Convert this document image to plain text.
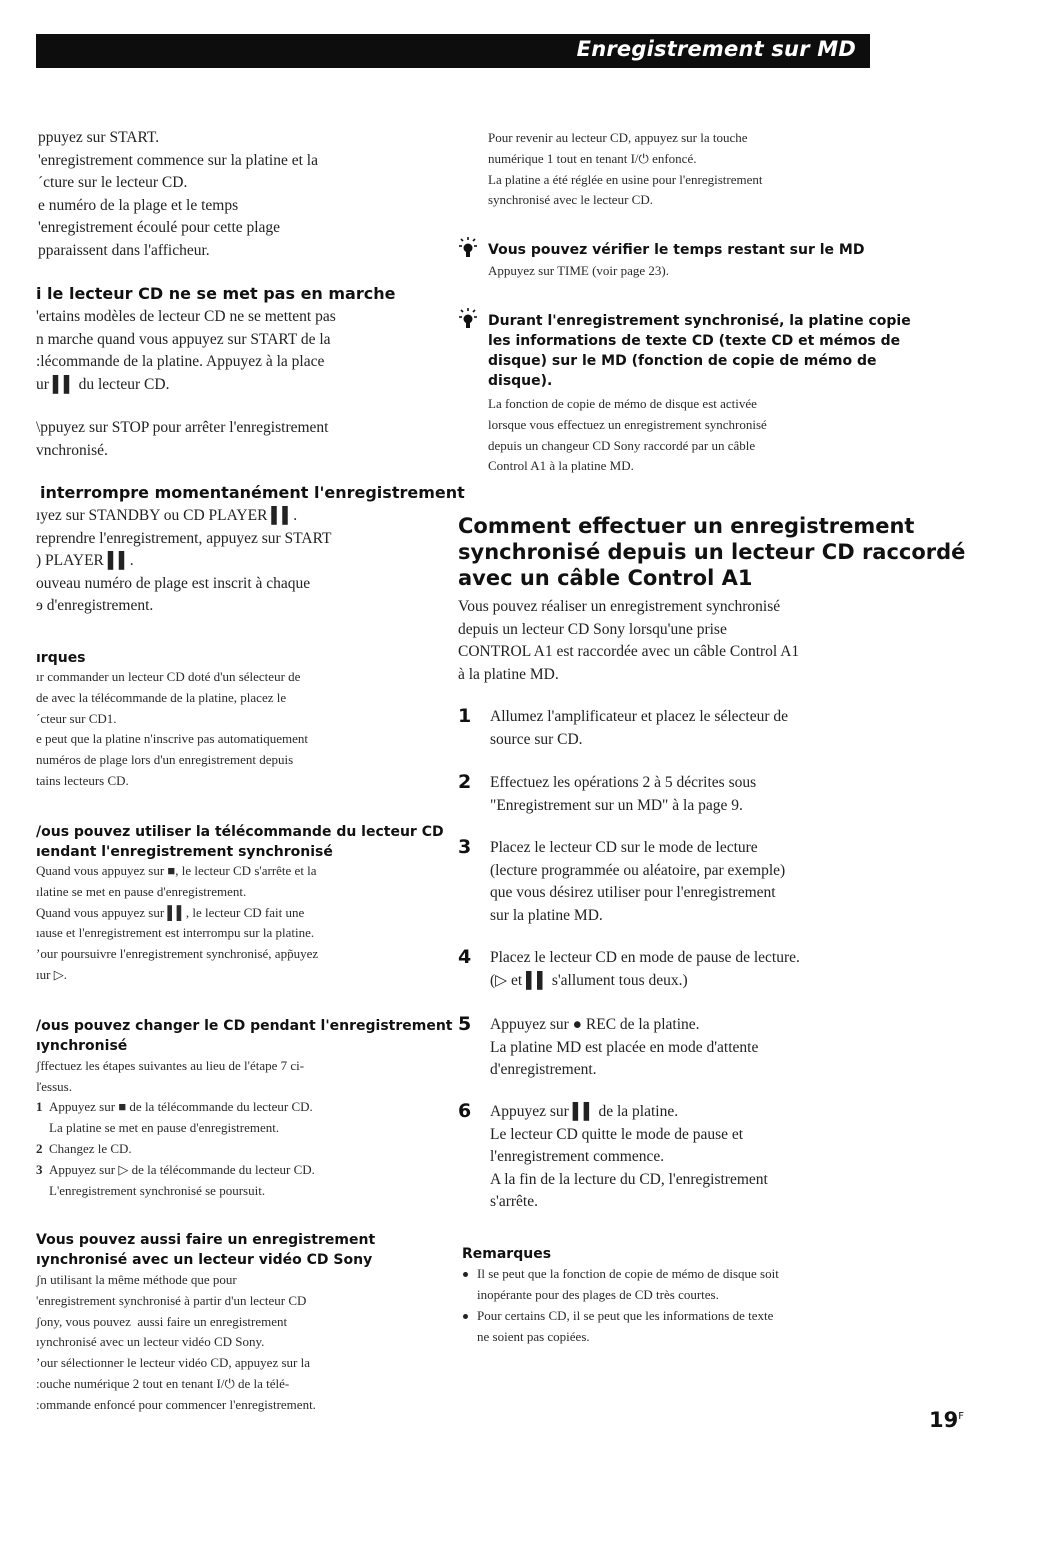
Enregistrement sur MD

ppuyez sur START.
'enregistrement commence sur la platine et la
´cture sur le lecteur CD.
e numéro de la plage et le temps
'enregistrement écoulé pour cette plage
pparaissent dans l'afficheur.

i le lecteur CD ne se met pas en marche

'ertains modèles de lecteur CD ne se mettent pas
n marche quand vous appuyez sur START de la
:lécommande de la platine. Appuyez à la place
ur ▌▌ du lecteur CD.

\ppuyez sur STOP pour arrêter l'enregistrement
vnchronisé.

interrompre momentanément l'enregistrement

ıyez sur STANDBY ou CD PLAYER ▌▌.
reprendre l'enregistrement, appuyez sur START
) PLAYER ▌▌.
ouveau numéro de plage est inscrit à chaque
ɘ d'enregistrement.

ırques

ır commander un lecteur CD doté d'un sélecteur de
de avec la télécommande de la platine, placez le
´cteur sur CD1.
e peut que la platine n'inscrive pas automatiquement
numéros de plage lors d'un enregistrement depuis
tains lecteurs CD.

/ous pouvez utiliser la télécommande du lecteur CD
ıendant l'enregistrement synchronisé

Quand vous appuyez sur ■, le lecteur CD s'arrête et la
ılatine se met en pause d'enregistrement.
Quand vous appuyez sur ▌▌, le lecteur CD fait une
ıause et l'enregistrement est interrompu sur la platine.
’our poursuivre l'enregistrement synchronisé, app̃uyez
ıur ▷.

/ous pouvez changer le CD pendant l'enregistrement
ıynchronisé

ʃffectuez les étapes suivantes au lieu de l'étape 7 ci-
ľessus.

1 Appuyez sur ■ de la télécommande du lecteur CD.
La platine se met en pause d'enregistrement.

2 Changez le CD.

3 Appuyez sur ▷ de la télécommande du lecteur CD.
L'enregistrement synchronisé se poursuit.

Vous pouvez aussi faire un enregistrement
ıynchronisé avec un lecteur vidéo CD Sony

ʃn utilisant la même méthode que pour
'enregistrement synchronisé à partir d'un lecteur CD
ʃony, vous pouvez  aussi faire un enregistrement
ıynchronisé avec un lecteur vidéo CD Sony.
’our sélectionner le lecteur vidéo CD, appuyez sur la
:ouche numérique 2 tout en tenant I/⏻ de la télé-
:ommande enfoncé pour commencer l'enregistrement.

Pour revenir au lecteur CD, appuyez sur la touche
numérique 1 tout en tenant I/⏻ enfoncé.
La platine a été réglée en usine pour l'enregistrement
synchronisé avec le lecteur CD.

Vous pouvez vérifier le temps restant sur le MD

Appuyez sur TIME (voir page 23).

Durant l'enregistrement synchronisé, la platine copie
les informations de texte CD (texte CD et mémos de
disque) sur le MD (fonction de copie de mémo de
disque).

La fonction de copie de mémo de disque est activée
lorsque vous effectuez un enregistrement synchronisé
depuis un changeur CD Sony raccordé par un câble
Control A1 à la platine MD.

Comment effectuer un enregistrement
synchronisé depuis un lecteur CD raccordé
avec un câble Control A1

Vous pouvez réaliser un enregistrement synchronisé
depuis un lecteur CD Sony lorsqu'une prise
CONTROL A1 est raccordée avec un câble Control A1
à la platine MD.

1 Allumez l'amplificateur et placez le sélecteur de
source sur CD.

2 Effectuez les opérations 2 à 5 décrites sous
"Enregistrement sur un MD" à la page 9.

3 Placez le lecteur CD sur le mode de lecture
(lecture programmée ou aléatoire, par exemple)
que vous désirez utiliser pour l'enregistrement
sur la platine MD.

4 Placez le lecteur CD en mode de pause de lecture.
(▷ et ▌▌ s'allument tous deux.)

5 Appuyez sur ● REC de la platine.
La platine MD est placée en mode d'attente
d'enregistrement.

6 Appuyez sur ▌▌ de la platine.
Le lecteur CD quitte le mode de pause et
l'enregistrement commence.
A la fin de la lecture du CD, l'enregistrement
s'arrête.

Remarques

Il se peut que la fonction de copie de mémo de disque soit
inopérante pour des plages de CD très courtes.

Pour certains CD, il se peut que les informations de texte
ne soient pas copiées.

$19^F$
